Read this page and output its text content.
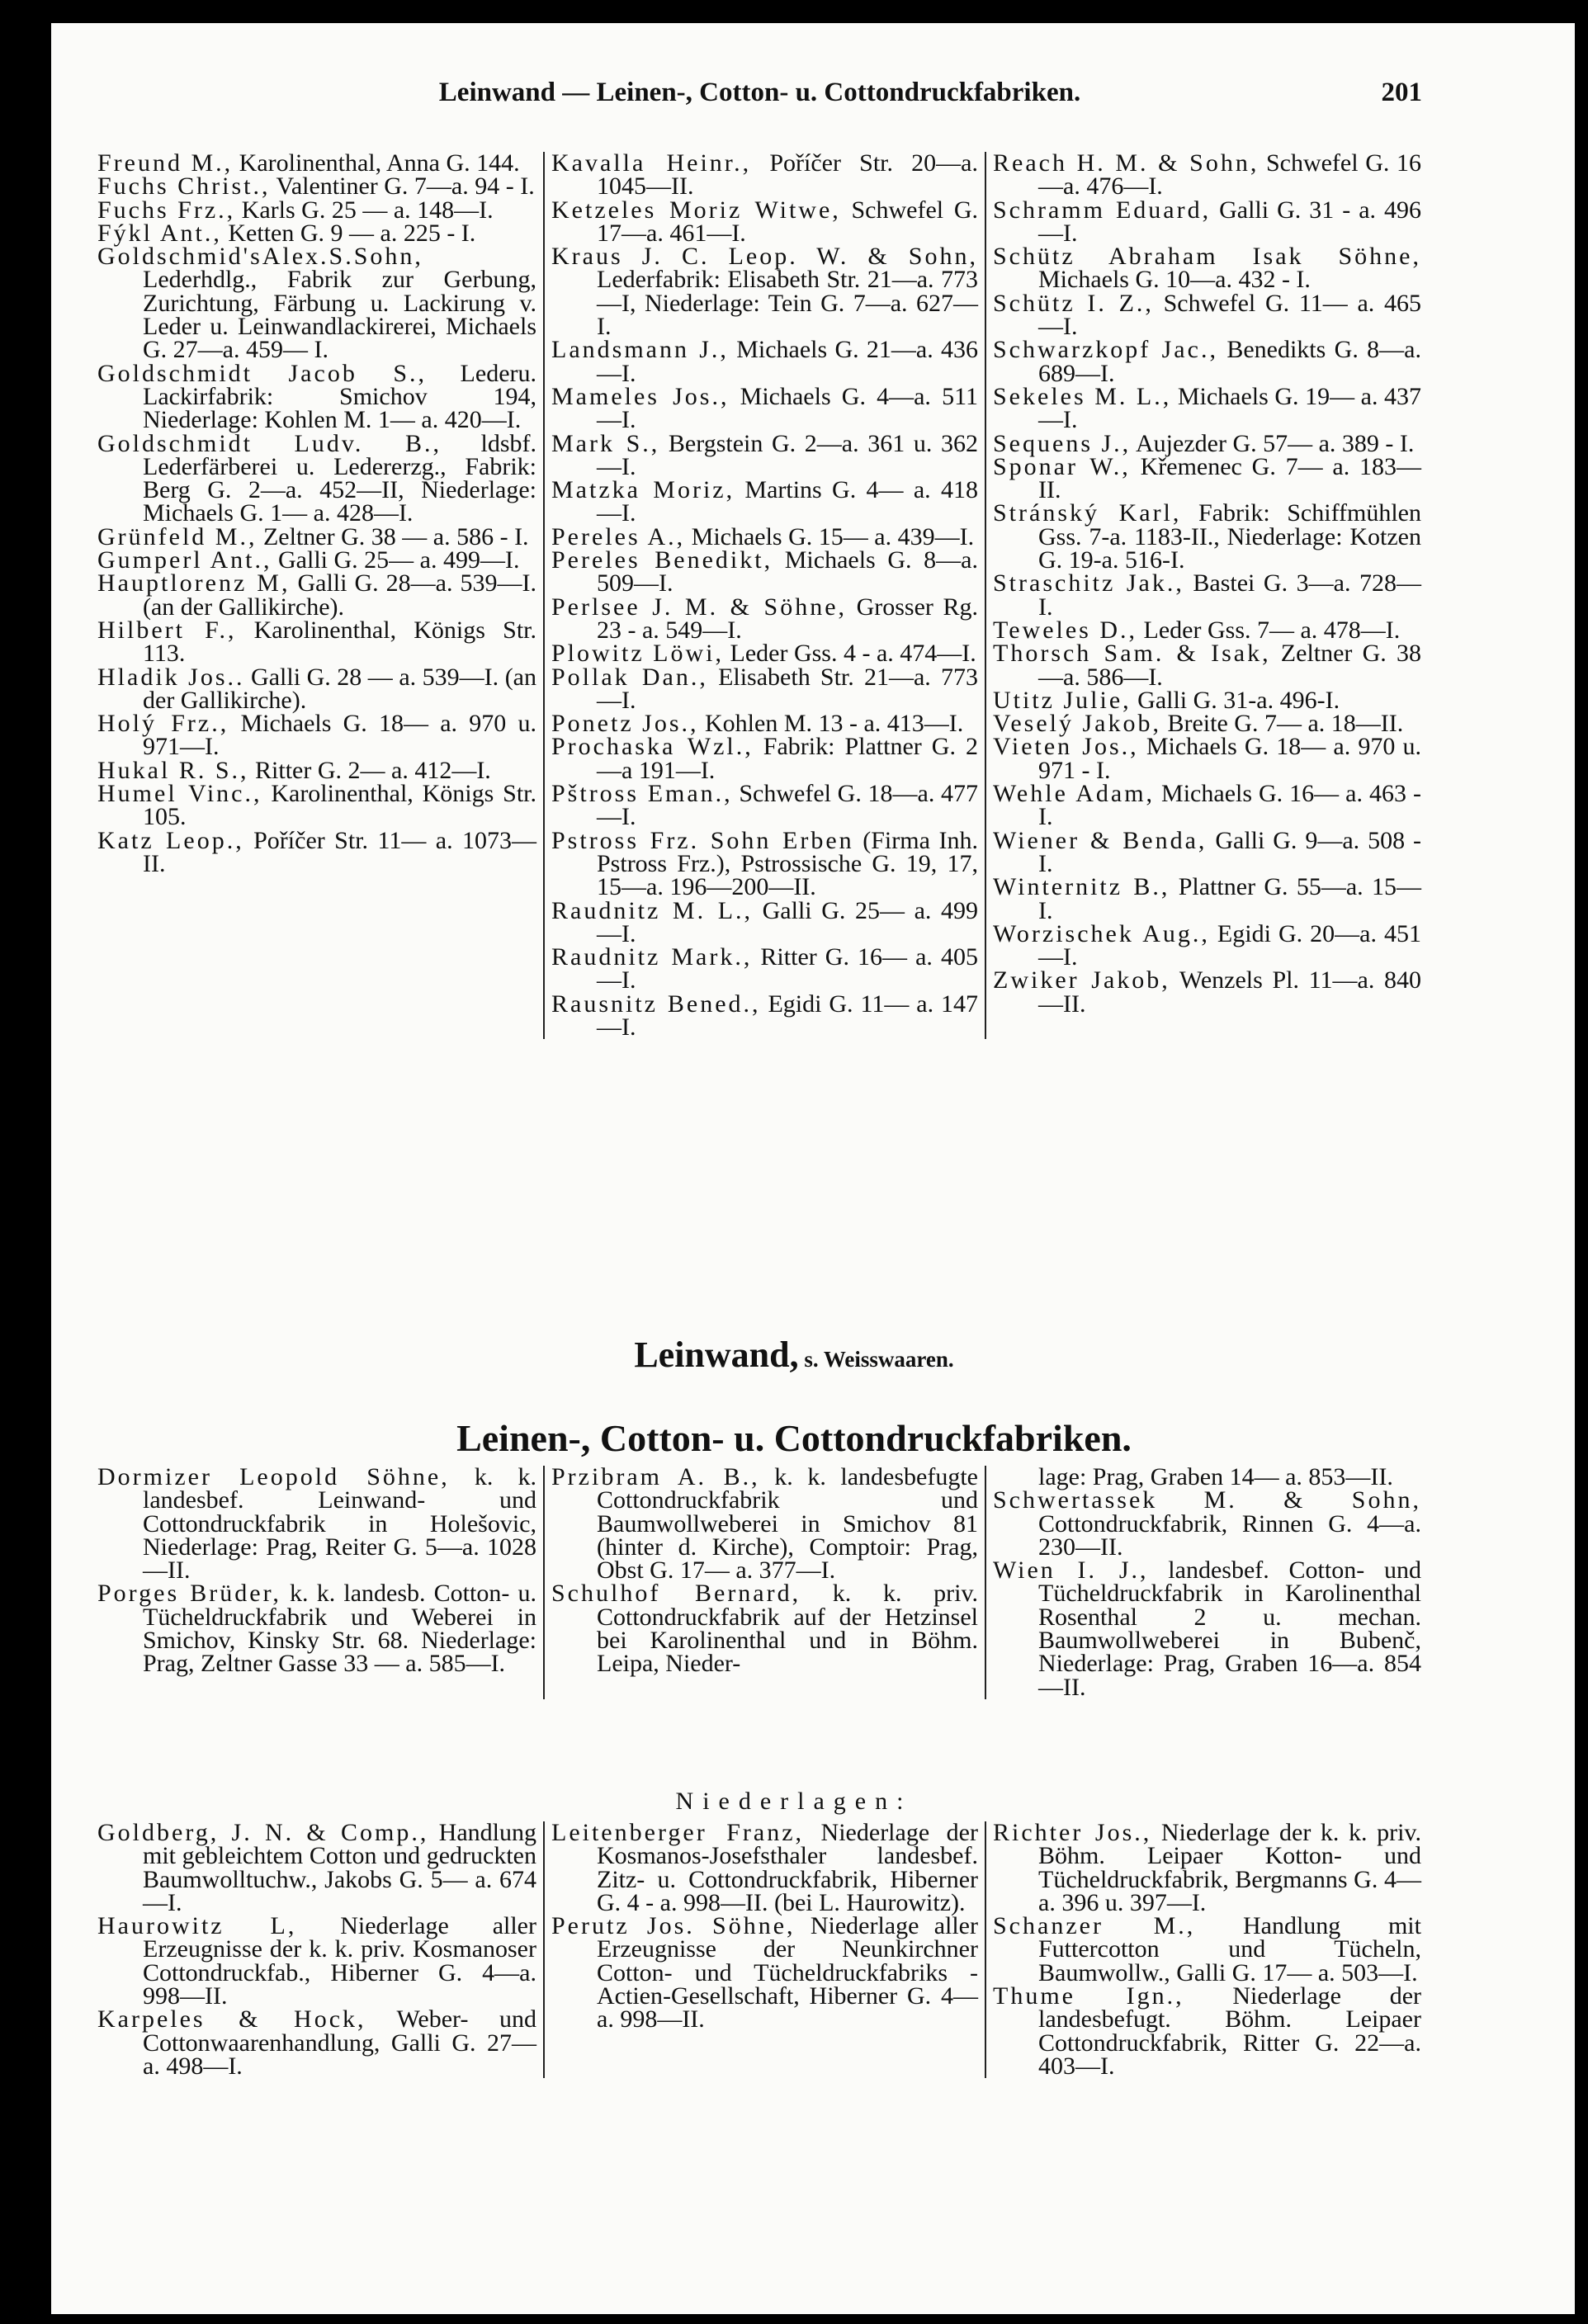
Leinwand — Leinen-, Cotton- u. Cottondruckfabriken.	201

Freund M., Karolinenthal, Anna G. 144.

Fuchs Christ., Valentiner G. 7—a. 94 - I.

Fuchs Frz., Karls G. 25 — a. 148—I.

Fýkl Ant., Ketten G. 9 — a. 225 - I.

Goldschmid'sAlex.S.Sohn, Lederhdlg., Fabrik zur Gerbung, Zurichtung, Färbung u. Lackirung v. Leder u. Leinwandlackirerei, Michaels G. 27—a. 459— I.

Goldschmidt Jacob S., Lederu. Lackirfabrik: Smichov 194, Niederlage: Kohlen M. 1— a. 420—I.

Goldschmidt Ludv. B., ldsbf. Lederfärberei u. Ledererzg., Fabrik: Berg G. 2—a. 452—II, Niederlage: Michaels G. 1— a. 428—I.

Grünfeld M., Zeltner G. 38 — a. 586 - I.

Gumperl Ant., Galli G. 25— a. 499—I.

Hauptlorenz M, Galli G. 28—a. 539—I. (an der Gallikirche).

Hilbert F., Karolinenthal, Königs Str. 113.

Hladik Jos.. Galli G. 28 — a. 539—I. (an der Gallikirche).

Holý Frz., Michaels G. 18— a. 970 u. 971—I.

Hukal R. S., Ritter G. 2— a. 412—I.

Humel Vinc., Karolinenthal, Königs Str. 105.

Katz Leop., Poříčer Str. 11— a. 1073—II.

Kavalla Heinr., Poříčer Str. 20—a. 1045—II.

Ketzeles Moriz Witwe, Schwefel G. 17—a. 461—I.

Kraus J. C. Leop. W. & Sohn, Lederfabrik: Elisabeth Str. 21—a. 773—I, Niederlage: Tein G. 7—a. 627—I.

Landsmann J., Michaels G. 21—a. 436—I.

Mameles Jos., Michaels G. 4—a. 511—I.

Mark S., Bergstein G. 2—a. 361 u. 362—I.

Matzka Moriz, Martins G. 4— a. 418—I.

Pereles A., Michaels G. 15— a. 439—I.

Pereles Benedikt, Michaels G. 8—a. 509—I.

Perlsee J. M. & Söhne, Grosser Rg. 23 - a. 549—I.

Plowitz Löwi, Leder Gss. 4 - a. 474—I.

Pollak Dan., Elisabeth Str. 21—a. 773—I.

Ponetz Jos., Kohlen M. 13 - a. 413—I.

Prochaska Wzl., Fabrik: Plattner G. 2—a 191—I.

Pštross Eman., Schwefel G. 18—a. 477—I.

Pstross Frz. Sohn Erben (Firma Inh. Pstross Frz.), Pstrossische G. 19, 17, 15—a. 196—200—II.

Raudnitz M. L., Galli G. 25— a. 499—I.

Raudnitz Mark., Ritter G. 16— a. 405—I.

Rausnitz Bened., Egidi G. 11— a. 147—I.

Reach H. M. & Sohn, Schwefel G. 16—a. 476—I.

Schramm Eduard, Galli G. 31 - a. 496—I.

Schütz Abraham Isak Söhne, Michaels G. 10—a. 432 - I.

Schütz I. Z., Schwefel G. 11— a. 465—I.

Schwarzkopf Jac., Benedikts G. 8—a. 689—I.

Sekeles M. L., Michaels G. 19— a. 437—I.

Sequens J., Aujezder G. 57— a. 389 - I.

Sponar W., Křemenec G. 7— a. 183—II.

Stránský Karl, Fabrik: Schiffmühlen Gss. 7-a. 1183-II., Niederlage: Kotzen G. 19-a. 516-I.

Straschitz Jak., Bastei G. 3—a. 728—I.

Teweles D., Leder Gss. 7— a. 478—I.

Thorsch Sam. & Isak, Zeltner G. 38—a. 586—I.

Utitz Julie, Galli G. 31-a. 496-I.

Veselý Jakob, Breite G. 7— a. 18—II.

Vieten Jos., Michaels G. 18— a. 970 u. 971 - I.

Wehle Adam, Michaels G. 16— a. 463 - I.

Wiener & Benda, Galli G. 9—a. 508 - I.

Winternitz B., Plattner G. 55—a. 15—I.

Worzischek Aug., Egidi G. 20—a. 451—I.

Zwiker Jakob, Wenzels Pl. 11—a. 840—II.

Leinwand, s. Weisswaaren.
Leinen-, Cotton- u. Cottondruckfabriken.

Dormizer Leopold Söhne, k. k. landesbef. Leinwand- und Cottondruckfabrik in Holešovic, Niederlage: Prag, Reiter G. 5—a. 1028—II.

Porges Brüder, k. k. landesb. Cotton- u. Tücheldruckfabrik und Weberei in Smichov, Kinsky Str. 68. Niederlage: Prag, Zeltner Gasse 33 — a. 585—I.

Przibram A. B., k. k. landesbefugte Cottondruckfabrik und Baumwollweberei in Smichov 81 (hinter d. Kirche), Comptoir: Prag, Obst G. 17— a. 377—I.

Schulhof Bernard, k. k. priv. Cottondruckfabrik auf der Hetzinsel bei Karolinenthal und in Böhm. Leipa, Nieder-

lage: Prag, Graben 14— a. 853—II.

Schwertassek M. & Sohn, Cottondruckfabrik, Rinnen G. 4—a. 230—II.

Wien I. J., landesbef. Cotton- und Tücheldruckfabrik in Karolinenthal Rosenthal 2 u. mechan. Baumwollweberei in Bubenč, Niederlage: Prag, Graben 16—a. 854—II.

Niederlagen:

Goldberg, J. N. & Comp., Handlung mit gebleichtem Cotton und gedruckten Baumwolltuchw., Jakobs G. 5— a. 674—I.

Haurowitz L, Niederlage aller Erzeugnisse der k. k. priv. Kosmanoser Cottondruckfab., Hiberner G. 4—a. 998—II.

Karpeles & Hock, Weber- und Cottonwaarenhandlung, Galli G. 27—a. 498—I.

Leitenberger Franz, Niederlage der Kosmanos-Josefsthaler landesbef. Zitz- u. Cottondruckfabrik, Hiberner G. 4 - a. 998—II. (bei L. Haurowitz).

Perutz Jos. Söhne, Niederlage aller Erzeugnisse der Neunkirchner Cotton- und Tücheldruckfabriks - Actien-Gesellschaft, Hiberner G. 4— a. 998—II.

Richter Jos., Niederlage der k. k. priv. Böhm. Leipaer Kotton- und Tücheldruckfabrik, Bergmanns G. 4—a. 396 u. 397—I.

Schanzer M., Handlung mit Futtercotton und Tücheln, Baumwollw., Galli G. 17— a. 503—I.

Thume Ign., Niederlage der landesbefugt. Böhm. Leipaer Cottondruckfabrik, Ritter G. 22—a. 403—I.
